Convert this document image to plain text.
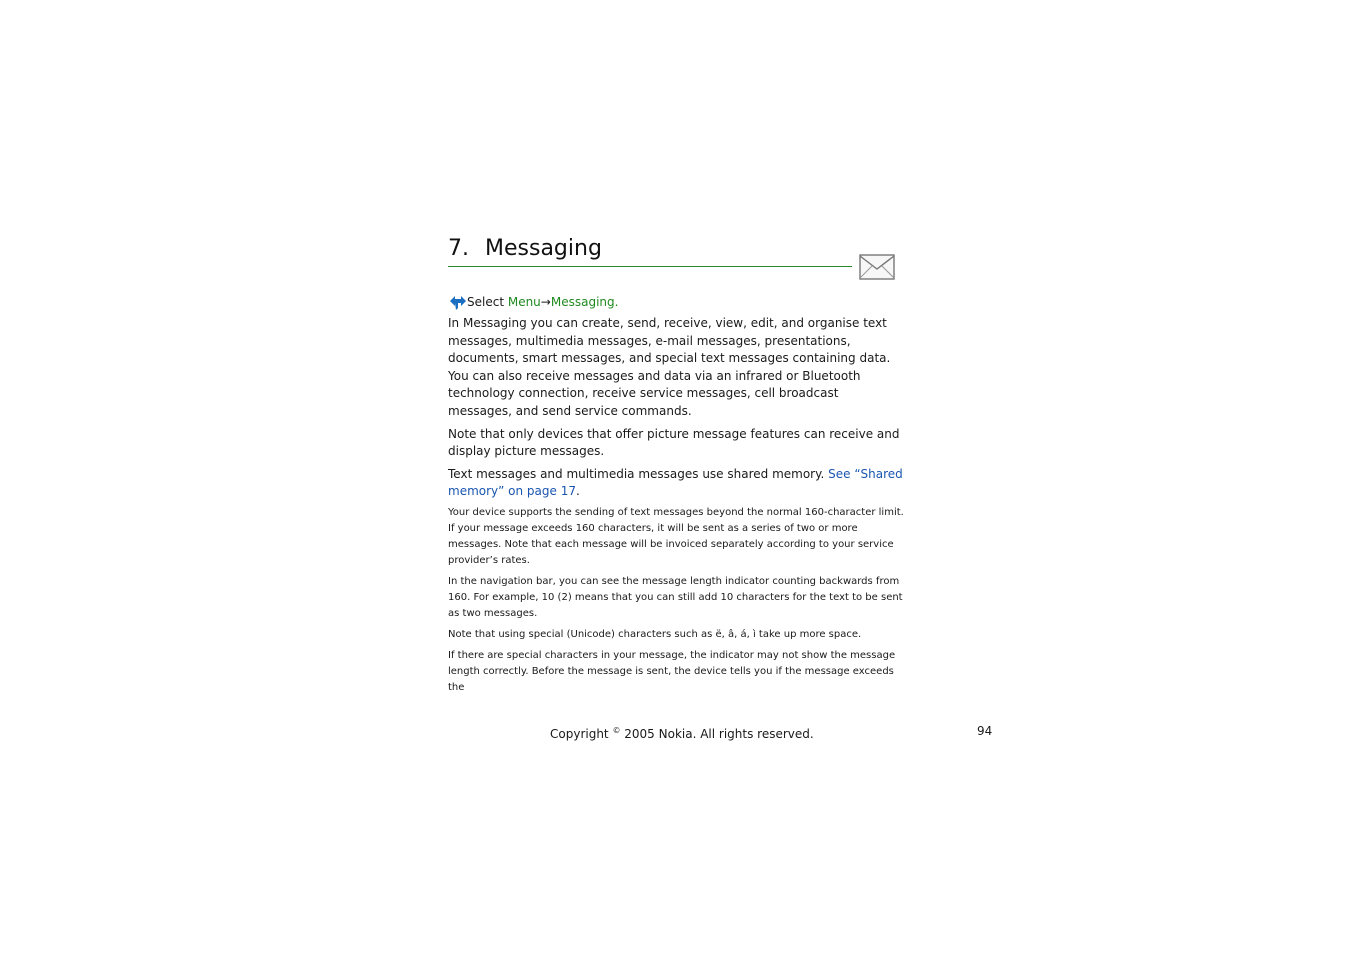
7. Messaging
Select Menu→Messaging.

In Messaging you can create, send, receive, view, edit, and organise text messages, multimedia messages, e-mail messages, presentations, documents, smart messages, and special text messages containing data. You can also receive messages and data via an infrared or Bluetooth technology connection, receive service messages, cell broadcast messages, and send service commands.

Note that only devices that offer picture message features can receive and display picture messages.

Text messages and multimedia messages use shared memory. See “Shared memory” on page 17.

Your device supports the sending of text messages beyond the normal 160-character limit. If your message exceeds 160 characters, it will be sent as a series of two or more messages. Note that each message will be invoiced separately according to your service provider’s rates.

In the navigation bar, you can see the message length indicator counting backwards from 160. For example, 10 (2) means that you can still add 10 characters for the text to be sent as two messages.

Note that using special (Unicode) characters such as ë, â, á, ì take up more space.

If there are special characters in your message, the indicator may not show the message length correctly. Before the message is sent, the device tells you if the message exceeds the

Copyright © 2005 Nokia. All rights reserved.	94
